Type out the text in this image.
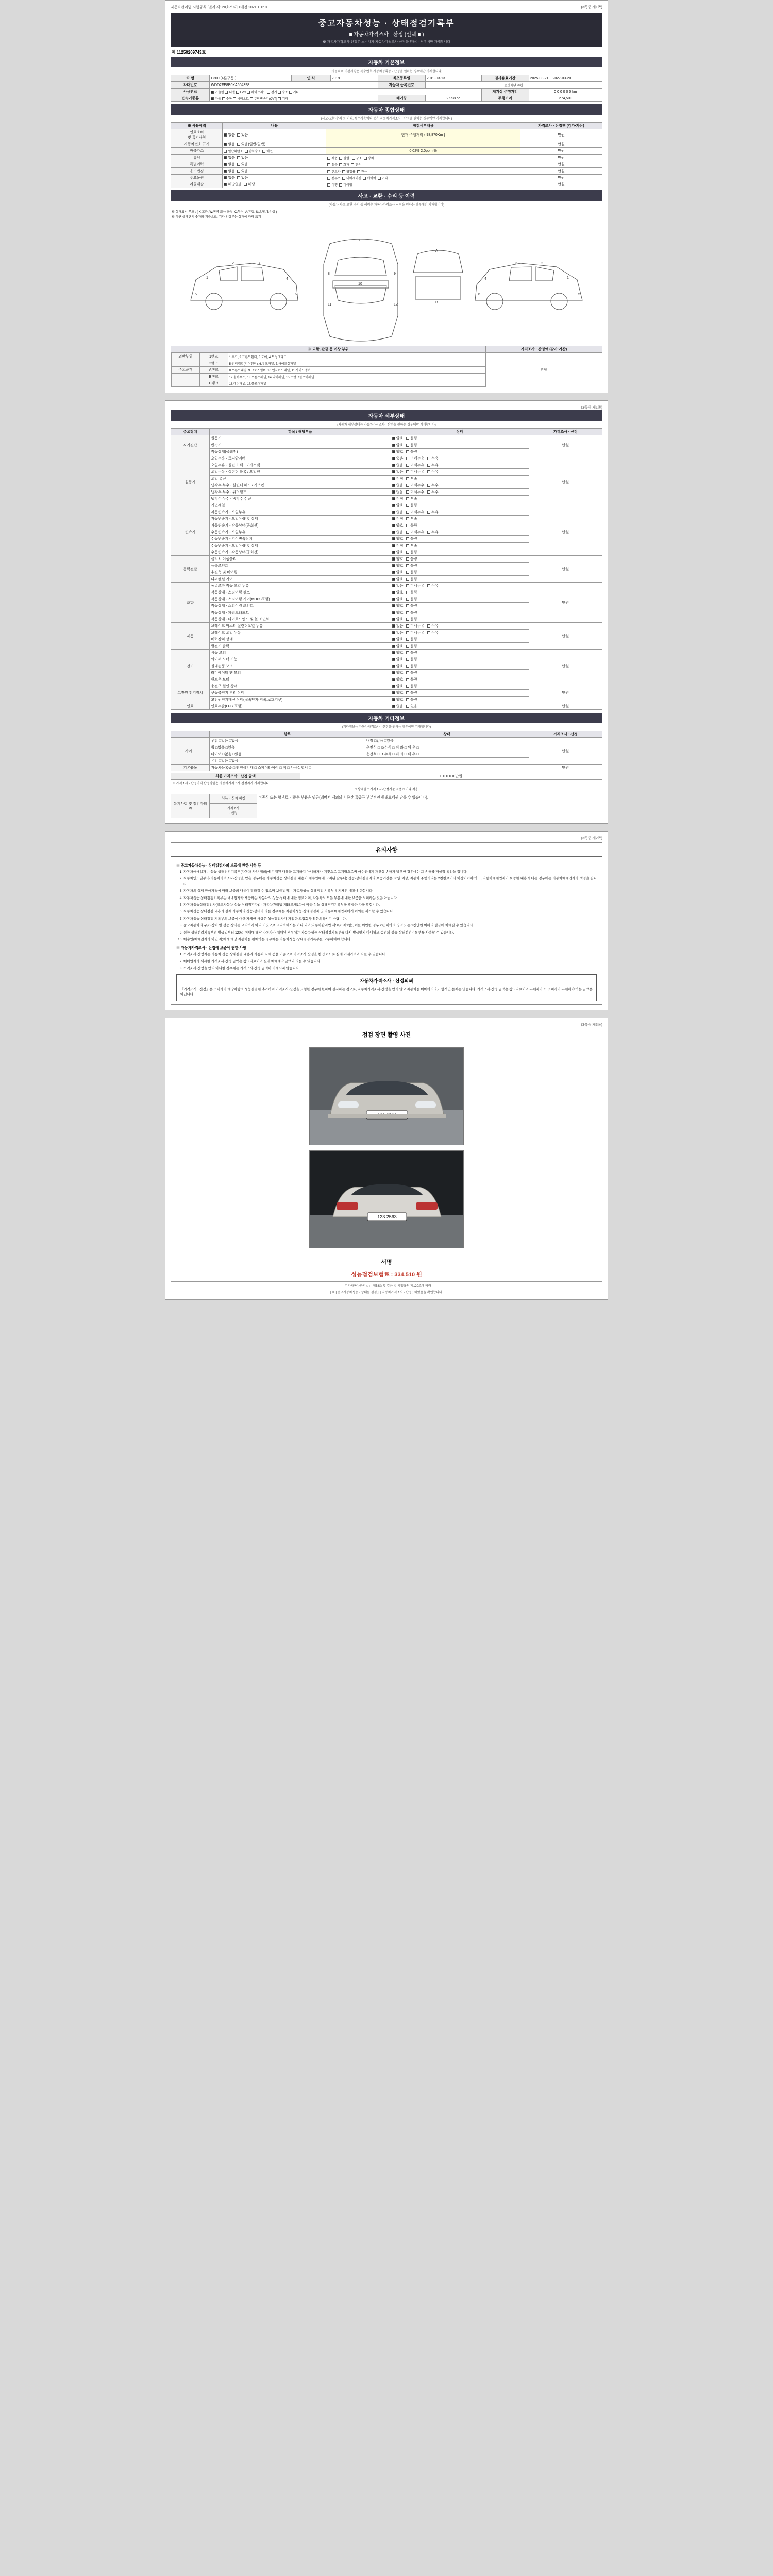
자동차관리법 시행규칙 [별지 제120호서식] <개정 2021.1.15.>	(3쪽중 제1쪽)
중고자동차성능 · 상태점검기록부
■ 자동차가격조사 · 산정 (선택 ■ )
※ 자동차가격조사·산정은 소비자가 자동차가격조사·산정을 원하는 경우에만 가재합니다
제 11250209743호
자동차 기본정보
(자동차의 기본사항은 특수번호·자동차등록증 · 산정을 원하는 경우에만 기재합니다)
차 명	E300 (4륜구동 )	연 식	2019	최초등록일	2019-03-13	검사유효기간	2025-03-21 ~ 2027-03-20
차대번호	WDD2FE8B0KA604398			자동차 등록번호	소형세단 중형		
사용연료	가솔린 디젤 LPG 하이브리드 전기 수소 기타					계기상 주행거리	0 0 0 0 0 0 km
변속기종류	자동 수동 세미오토 무단변속기(CVT) 기타			배기량	2,998 cc	주행거리	274,500
자동차 종합상태
(사고·교환·수리 등 이력, 특수사용이력 등은 자동차가격조사 · 산정을 원하는 경우에만 기재합니다)
※ 사용이력	내용	점검세부내용	가격조사 · 산정액 (감가·가산)
연료소비
및 특기사항	없음  있음	현재 주행거리 ( 98,870Km )	만원
자동차번호 표기	없음  있음(일반/일반)		만원
배출가스	일산화탄소  탄화수소  매연	0.02% 2.0ppm %	만원
튜닝	없음  있음	적법  불법   구조  장치	만원
특별이력	없음  있음	침수  화재  전손	만원
용도변경	없음  있음	렌트카  영업용  관용	만원
주요옵션	없음  있음	선루프  내비게이션  에어백  기타	만원
리콜대상	해당없음  해당	이행  미이행	만원
사고 · 교환 · 수리 등 이력
(자동차 사고·교환·수리 등 이력은 자동차가격조사·산정을 원하는 경우에만 기재합니다)
※ 상태표시 부호 : ( X:교환, W:판금 또는 용접, C:부식, A:흠집, U:요철, T:손상 )
※ 하단 상태란의 숫자와 기준으로, 기타 외장부는 상태에 따라 표기
1
2	3
4
5	6
7
8	9
10
11	12
1
2
3
4
5
6
A
B
※ 교환, 판금 등 이상 부위	가격조사 · 산정액 (감가·가산)

외판부위	1랭크	1.후드, 2.프론트휀더, 3.도어, 4.트렁크리드
	2랭크	5.쿼터패널(리어휀더), 6.루프패널, 7.사이드실패널
주요골격	A랭크	8.프론트패널, 9.크로스멤버, 10.인사이드패널, 11.사이드멤버
	B랭크	12.휠하우스, 13.프론트패널, 14.리어패널, 15.트렁크플로어패널
	C랭크	16.대쉬패널, 17.플로어패널
	만원
(3쪽중 제1쪽)
자동차 세부상태
(자동차 세부상태는 자동차가격조사 · 산정을 원하는 경우에만 기재합니다)
주요장치	항목 / 해당부품	상태	가격조사 · 산정
자기진단	원동기	양호   불량	만원
	변속기	양호   불량	
	작동상태(공회전)	양호   불량	
원동기	오일누유 - 로커암커버	없음   미세누유   누유	만원
	오일누유 - 실린더 헤드 / 가스켓	없음   미세누유   누유	
	오일누유 - 실린더 블록 / 오일팬	없음   미세누유   누유	
	오일 유량	적정   부족	
	냉각수 누수 - 실린더 헤드 / 가스켓	없음   미세누수   누수	
	냉각수 누수 - 워터펌프	없음   미세누수   누수	
	냉각수 누수 - 냉각수 수량	적정   부족	
	커먼레일	양호   불량	
변속기	자동변속기 - 오일누유	없음   미세누유   누유	만원
	자동변속기 - 오일유량 및 상태	적정   부족	
	자동변속기 - 작동상태(공회전)	양호   불량	
	수동변속기 - 오일누유	없음   미세누유   누유	
	수동변속기 - 기어변속장치	양호   불량	
	수동변속기 - 오일유량 및 상태	적정   부족	
	수동변속기 - 작동상태(공회전)	양호   불량	
동력전달	클러치 어셈블리	양호   불량	만원
	등속조인트	양호   불량	
	추진축 및 베어링	양호   불량	
	디퍼렌셜 기어	양호   불량	
조향	동력조향 작동 오일 누유	없음   미세누유   누유	만원
	작동상태 - 스티어링 펌프	양호   불량	
	작동상태 - 스티어링 기어(MDPS포함)	양호   불량	
	작동상태 - 스티어링 조인트	양호   불량	
	작동상태 - 파워크래프트	양호   불량	
	작동상태 - 타이로드엔드 및 볼 조인트	양호   불량	
제동	브레이크 마스터 실린더오일 누유	없음   미세누유   누유	만원
	브레이크 오일 누유	없음   미세누유   누유	
	배력장치 상태	양호   불량	
	발전기 출력	양호   불량	
전기	시동 모터	양호   불량	만원
	와이퍼 모터 기능	양호   불량	
	실내송풍 모터	양호   불량	
	라디에이터 팬 모터	양호   불량	
	윈도우 모터	양호   불량	
고전원 전기장치	충전구 절연 상태	양호   불량	만원
	구동축전지 격리 상태	양호   불량	
	고전원전기배선 상태(접속단자,피복,보호기구)	양호   불량	
연료	연료누출(LPG 포함)	없음   있음	만원
자동차 기타정보
(기타정보는 자동차가격조사 · 산정을 원하는 경우에만 기재합니다)
	항목	상태	가격조사 · 산정
사이드	우감 □없음 □있음	내장 □없음 □있음	만원
	휠 □없음 □있음	운전석 □ 조수석 □ 뒤 좌 □ 뒤 우 □	
	타이어 □없음 □있음	운전석 □ 조수석 □ 뒤 좌 □ 뒤 우 □	
	유리 □없음 □있음		
기본품목	자동차등록증 □ 안전삼각대 □ 스페어타이어 □ 잭 □ 사용설명서 □		만원
최종 가격조사 · 산정 금액	0 0 0 0 0 만원
※ 가격조사 · 산정가격 산정방법은 자동차가격조사·산정자가 기재합니다.
□ 상태별 □ 가격조사·산정기준 적용 □ 기타 적용
특기사항 및 점검자의견	성능 · 상태점검	비공식 또는 합부로 기준은 부품은 임금(레버서 제외되며 중간 특급규 부분적인 원래요세권 단불 수 있습니다).
가격조사
· 산정
(3쪽중 제2쪽)
유의사항
※ 중고자동차성능 · 상태점검자의 보증에 관한 사항 등
1. 자동차매매업자는 성능·상태점검기록부(자동차 사양 제외)에 기재된 내용을 고지하지 아니하거나 거짓으로 고지함으로써 매수인에게 재산상 손해가 발생한 경우에는 그 손해를 배상할 책임을 집니다.
2. 자동차인도일부터(자동차가격조사·산정을 받은 경우에는 자동차성능·상태점검 내용이 매수인에게 고지된 날부터) 성능·상태점검자의 보증기간은 30일 이상, 자동차 주행거리는 2천킬로미터 이상이어야 하고, 자동차매매업자가 보증한 내용과 다른 경우에는 자동차매매업자가 책임을 집니다.
3. 자동차의 실제 판매가격에 따라 보증의 내용이 달라질 수 있으며 보증범위는 자동차성능·상태점검 기록부에 기재된 내용에 한합니다.
4. 자동차성능 상태점검기록부는 매매업자가 제공하는 자동차의 성능·상태에 대한 정보이며, 자동차의 모든 부분에 대한 보증을 의미하는 것은 아닙니다.
5. 자동차성능상태점검자(중고자동차 성능·상태점검자)는 자동차관리법 제58조제1항에 따라 성능·상태점검기록부를 발급한 자를 말합니다.
6. 자동차성능 상태점검 내용과 실제 자동차의 성능·상태가 다른 경우에는 자동차성능·상태점검자 및 자동차매매업자에게 이의를 제기할 수 있습니다.
7. 자동차성능 상태점검 기록부의 보증에 대한 자세한 사항은 성능점검자가 가입한 보험회사에 문의하시기 바랍니다.
8. 중고자동차의 구조·장치 별 성능·상태를 고지하지 아니 거짓으로 고지하여서는 아니 되며(자동차관리법 제58조 제1항), 이를 위반한 경우 2년 이하의 징역 또는 2천만원 이하의 벌금에 처해질 수 있습니다.
9. 성능·상태점검기록부의 발급일부터 120일 이내에 해당 자동차가 매매된 경우에는 자동차성능·상태점검기록부를 다시 발급받지 아니하고 종전의 성능·상태점검기록부를 사용할 수 있습니다.
10. 매수인(매매업자가 아닌 자)에게 해당 자동차를 판매하는 경우에는 자동차성능·상태점검기록부를 교부하여야 합니다.
※ 자동차가격조사 · 산정에 보증에 관한 사항
1. 가격조사·산정자는 자동차 성능·상태점검 내용과 자동차 시세 등을 기준으로 가격조사·산정을 한 것이므로 실제 거래가격과 다를 수 있습니다.
2. 매매업자가 제시한 가격조사·산정 금액은 참고자료이며 실제 매매계약 금액과 다를 수 있습니다.
3. 가격조사·산정을 받지 아니한 경우에는 가격조사·산정 금액이 기재되지 않습니다.
자동차가격조사 · 산정의뢰
「가격조사 · 산정」은 소비자가 해당차량의 성능점검에 추가하여 가격조사·산정을 요청한 경우에 한하여 실시하는 것으로, 자동차가격조사·산정을 받지 않고 자동차를 매매하더라도 법적인 문제는 없습니다. 가격조사·산정 금액은 참고자료이며 구매자가 꼭 소비자가 구매해야 하는 금액은 아닙니다.
(3쪽중 제3쪽)
점검 장면 촬영 사진
123 2563
서명
성능점검보험료 : 334,510 원
「기타자동차관리법」 제58조 및 같은 법 시행규칙 제120조에 따라
[ ㅇ ] 중고자동차성능 · 상태를 점검, [ ] 자동차가격조사 · 산정 ) 하였음을 확인합니다.
